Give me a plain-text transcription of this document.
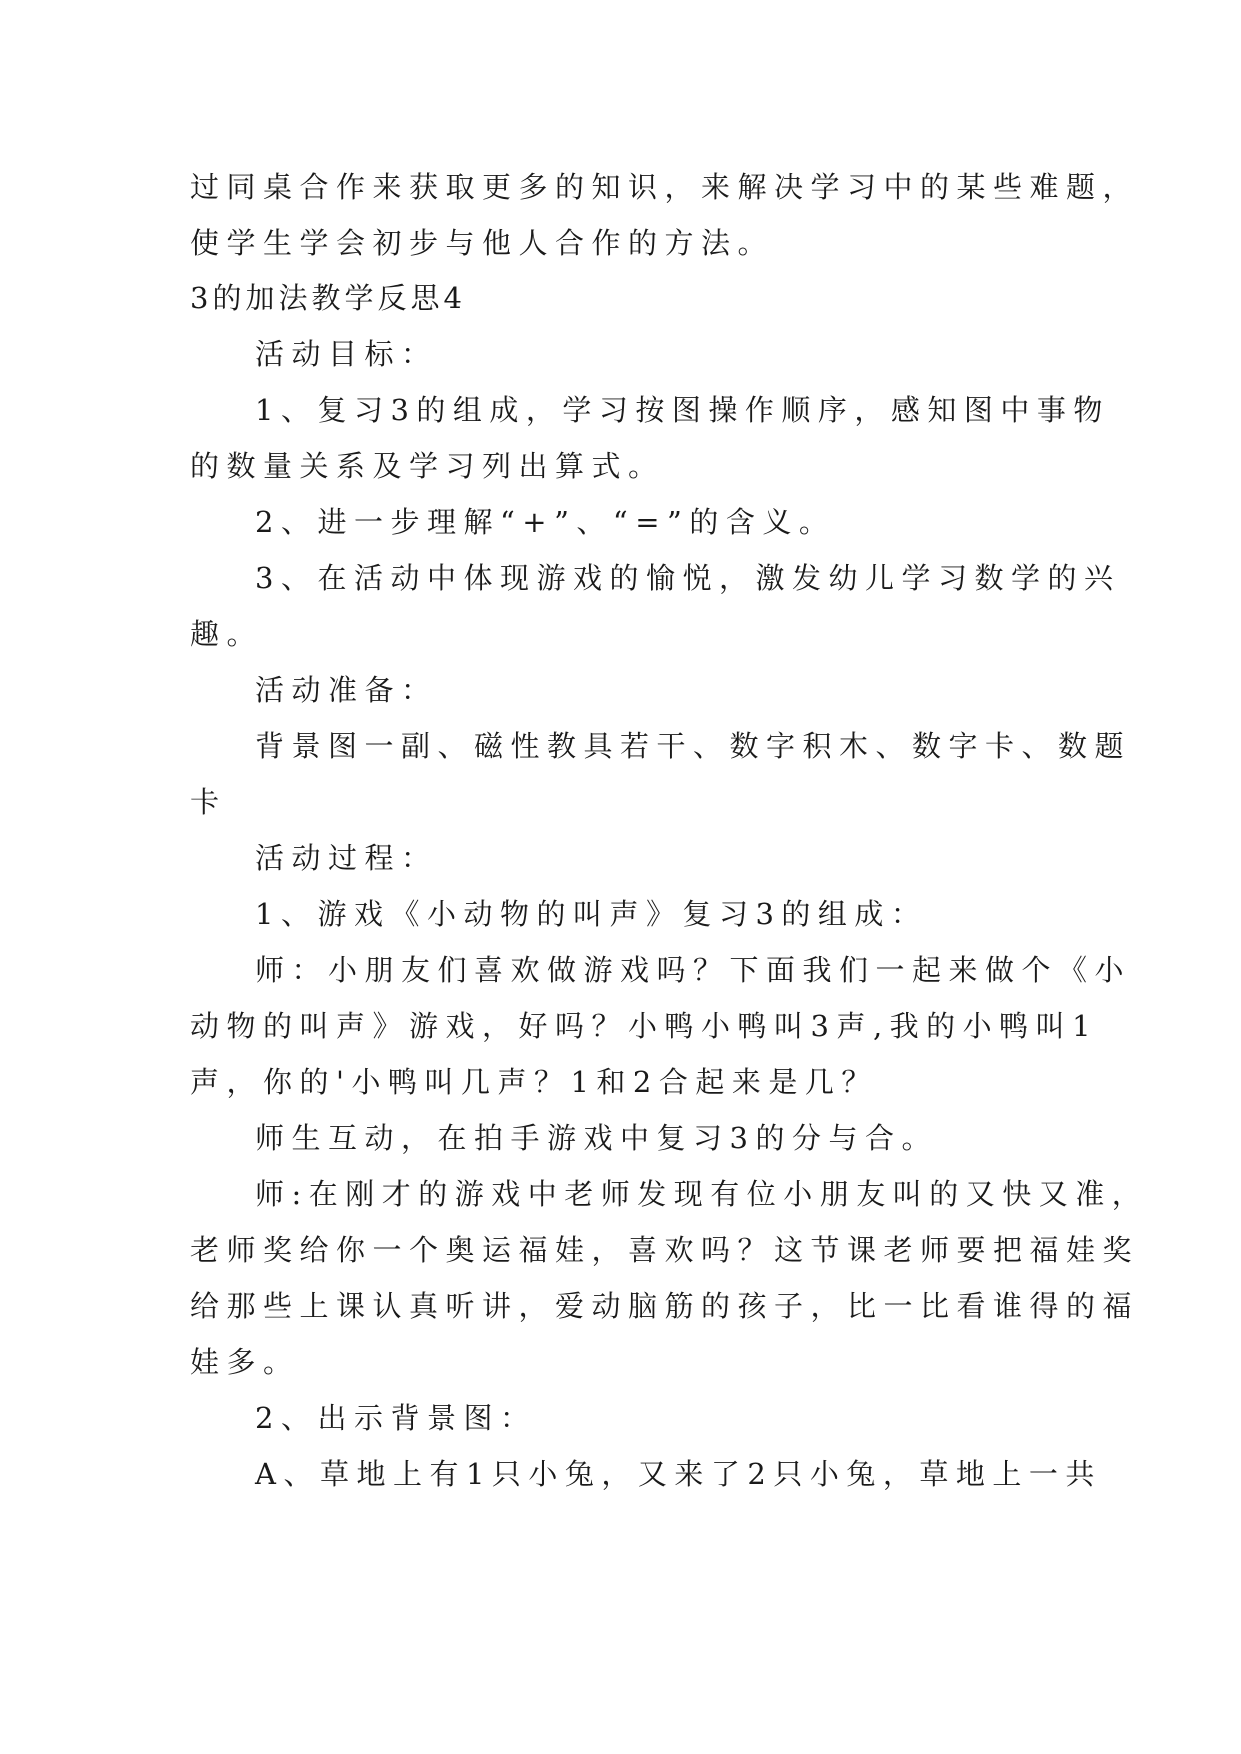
过同桌合作来获取更多的知识，来解决学习中的某些难题，
使学生学会初步与他人合作的方法。
3的加法教学反思4
活动目标：
1、复习3的组成，学习按图操作顺序，感知图中事物
的数量关系及学习列出算式。
2、进一步理解“+”、“=”的含义。
3、在活动中体现游戏的愉悦，激发幼儿学习数学的兴
趣。
活动准备：
背景图一副、磁性教具若干、数字积木、数字卡、数题
卡
活动过程：
1、游戏《小动物的叫声》复习3的组成：
师：小朋友们喜欢做游戏吗？下面我们一起来做个《小
动物的叫声》游戏，好吗？小鸭小鸭叫3声,我的小鸭叫1
声，你的'小鸭叫几声？1和2合起来是几？
师生互动，在拍手游戏中复习3的分与合。
师:在刚才的游戏中老师发现有位小朋友叫的又快又准，
老师奖给你一个奥运福娃，喜欢吗？这节课老师要把福娃奖
给那些上课认真听讲，爱动脑筋的孩子，比一比看谁得的福
娃多。
2、出示背景图：
A、草地上有1只小兔，又来了2只小兔，草地上一共
